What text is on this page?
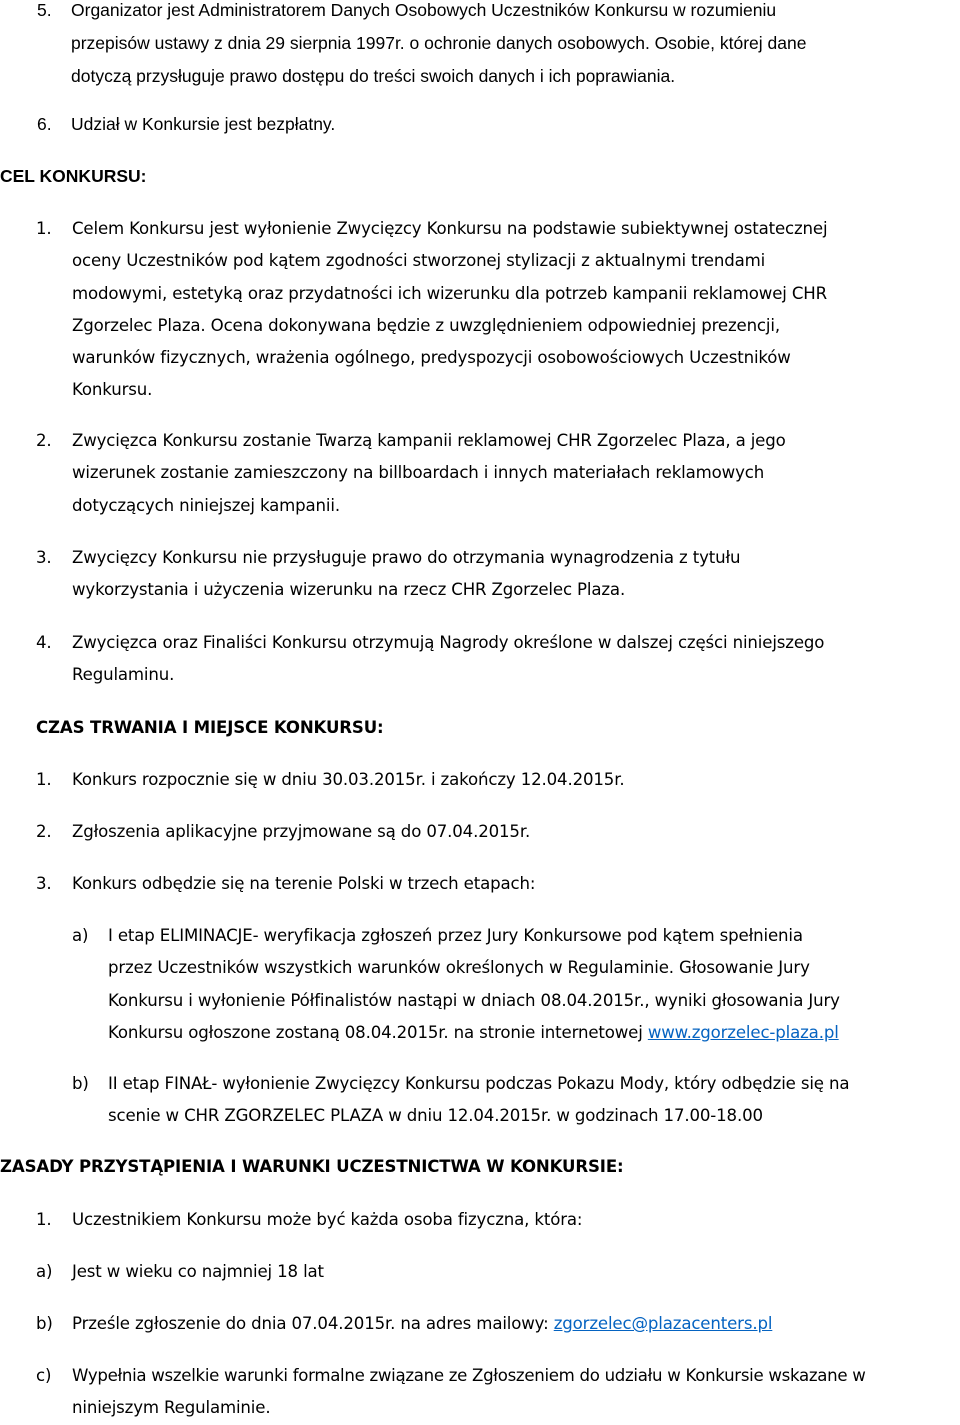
5. Organizator jest Administratorem Danych Osobowych Uczestników Konkursu w rozumieniu
przepisów ustawy z dnia 29 sierpnia 1997r. o ochronie danych osobowych. Osobie, której dane
dotyczą przysługuje prawo dostępu do treści swoich danych i ich poprawiania.
6. Udział w Konkursie jest bezpłatny.
CEL KONKURSU:
1. Celem Konkursu jest wyłonienie Zwycięzcy Konkursu na podstawie subiektywnej ostatecznej
oceny Uczestników pod kątem zgodności stworzonej stylizacji z aktualnymi trendami
modowymi, estetyką oraz przydatności ich wizerunku dla potrzeb kampanii reklamowej CHR
Zgorzelec Plaza. Ocena dokonywana będzie z uwzględnieniem odpowiedniej prezencji,
warunków fizycznych, wrażenia ogólnego, predyspozycji osobowościowych Uczestników
Konkursu.
2. Zwycięzca Konkursu zostanie Twarzą kampanii reklamowej CHR Zgorzelec Plaza, a jego
wizerunek zostanie zamieszczony na billboardach i innych materiałach reklamowych
dotyczących niniejszej kampanii.
3. Zwycięzcy Konkursu nie przysługuje prawo do otrzymania wynagrodzenia z tytułu
wykorzystania i użyczenia wizerunku na rzecz CHR Zgorzelec Plaza.
4. Zwycięzca oraz Finaliści Konkursu otrzymują Nagrody określone w dalszej części niniejszego
Regulaminu.
CZAS TRWANIA I MIEJSCE KONKURSU:
1. Konkurs rozpocznie się w dniu 30.03.2015r. i zakończy 12.04.2015r.
2. Zgłoszenia aplikacyjne przyjmowane są do 07.04.2015r.
3. Konkurs odbędzie się na terenie Polski w trzech etapach:
a) I etap ELIMINACJE- weryfikacja zgłoszeń przez Jury Konkursowe pod kątem spełnienia
przez Uczestników wszystkich warunków określonych w Regulaminie. Głosowanie Jury
Konkursu i wyłonienie Półfinalistów nastąpi w dniach 08.04.2015r., wyniki głosowania Jury
Konkursu ogłoszone zostaną 08.04.2015r. na stronie internetowej www.zgorzelec-plaza.pl
b) II etap FINAŁ- wyłonienie Zwycięzcy Konkursu podczas Pokazu Mody, który odbędzie się na
scenie w CHR ZGORZELEC PLAZA w dniu 12.04.2015r. w godzinach 17.00-18.00
ZASADY PRZYSTĄPIENIA I WARUNKI UCZESTNICTWA W KONKURSIE:
1. Uczestnikiem Konkursu może być każda osoba fizyczna, która:
a) Jest w wieku co najmniej 18 lat
b) Prześle zgłoszenie do dnia 07.04.2015r. na adres mailowy: zgorzelec@plazacenters.pl
c) Wypełnia wszelkie warunki formalne związane ze Zgłoszeniem do udziału w Konkursie wskazane w
niniejszym Regulaminie.
